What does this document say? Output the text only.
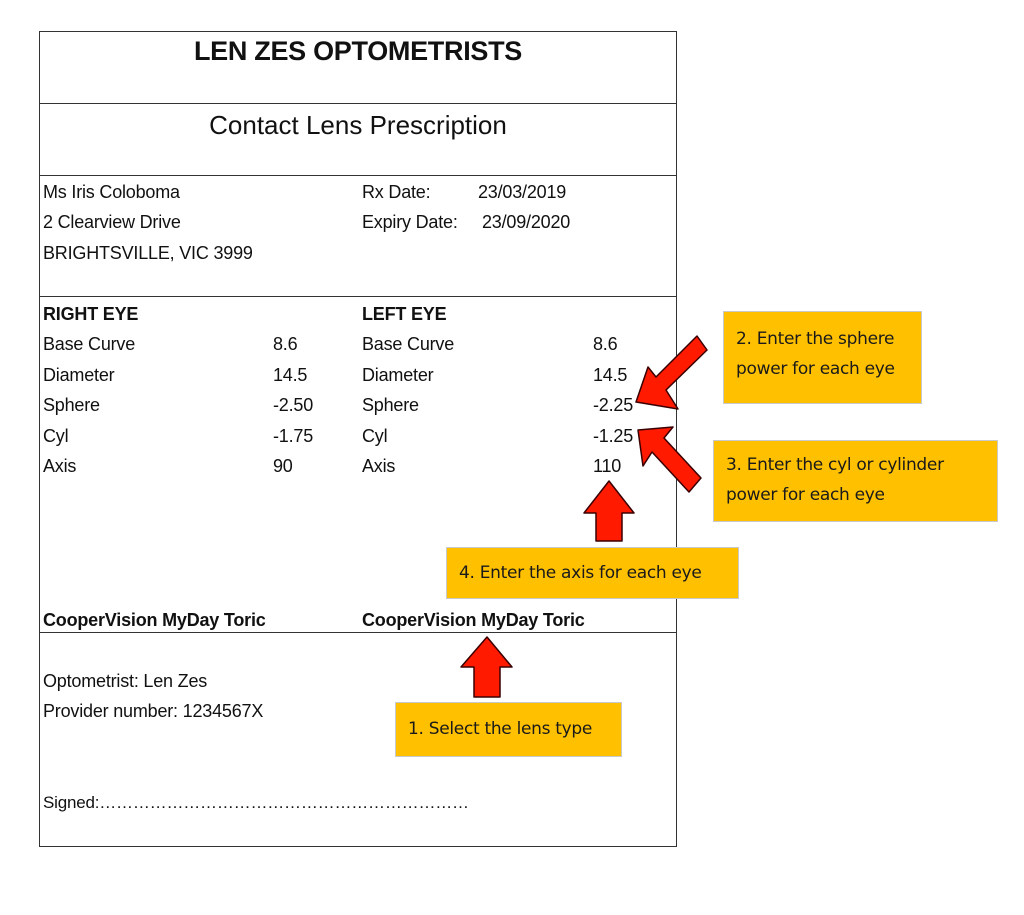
LEN ZES OPTOMETRISTS
Contact Lens Prescription
Ms Iris Coloboma
2 Clearview Drive
BRIGHTSVILLE, VIC 3999
Rx Date:	23/03/2019
Expiry Date: 23/09/2020
RIGHT EYE
Base Curve	8.6
Diameter	14.5
Sphere	-2.50
Cyl	-1.75
Axis	90
LEFT EYE
Base Curve	8.6
Diameter	14.5
Sphere	-2.25
Cyl	-1.25
Axis	110
CooperVision MyDay Toric	CooperVision MyDay Toric
Optometrist: Len Zes
Provider number: 1234567X
Signed:…………………………………………………………
2. Enter the sphere
power for each eye
3. Enter the cyl or cylinder
power for each eye
4. Enter the axis for each eye
1. Select the lens type
